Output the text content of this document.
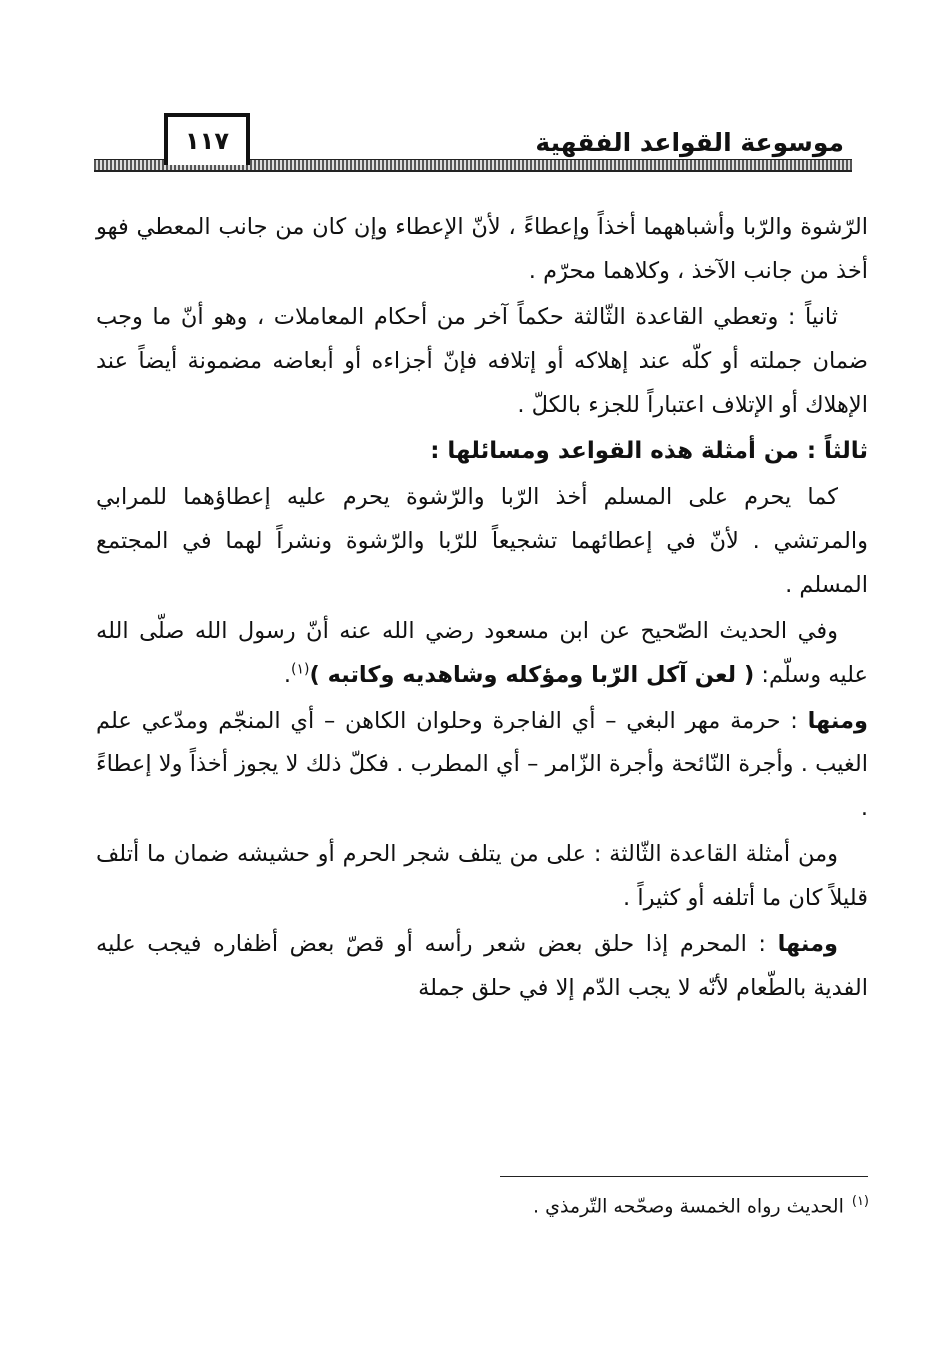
١١٧	موسوعة القواعد الفقهية

الرّشوة والرّبا وأشباههما أخذاً وإعطاءً ، لأنّ الإعطاء وإن كان من جانب المعطي فهو أخذ من جانب الآخذ ، وكلاهما محرّم .

ثانياً : وتعطي القاعدة الثّالثة حكماً آخر من أحكام المعاملات ، وهو أنّ ما وجب ضمان جملته أو كلّه عند إهلاكه أو إتلافه فإنّ أجزاءه أو أبعاضه مضمونة أيضاً عند الإهلاك أو الإتلاف اعتباراً للجزء بالكلّ .

ثالثاً : من أمثلة هذه القواعد ومسائلها :

كما يحرم على المسلم أخذ الرّبا والرّشوة يحرم عليه إعطاؤهما للمرابي والمرتشي . لأنّ في إعطائهما تشجيعاً للرّبا والرّشوة ونشراً لهما في المجتمع المسلم .

وفي الحديث الصّحيح عن ابن مسعود رضي الله عنه أنّ رسول الله صلّى الله عليه وسلّم: ( لعن آكل الرّبا ومؤكله وشاهديه وكاتبه )$^{(١)}$.

ومنها : حرمة مهر البغي – أي الفاجرة وحلوان الكاهن – أي المنجّم ومدّعي علم الغيب . وأجرة النّائحة وأجرة الزّامر – أي المطرب . فكلّ ذلك لا يجوز أخذاً ولا إعطاءً .

ومن أمثلة القاعدة الثّالثة : على من يتلف شجر الحرم أو حشيشه ضمان ما أتلف قليلاً كان ما أتلفه أو كثيراً .

ومنها : المحرم إذا حلق بعض شعر رأسه أو قصّ بعض أظفاره فيجب عليه الفدية بالطّعام لأنّه لا يجب الدّم إلا في حلق جملة

$^{(١)}$الحديث رواه الخمسة وصحّحه التّرمذي .
